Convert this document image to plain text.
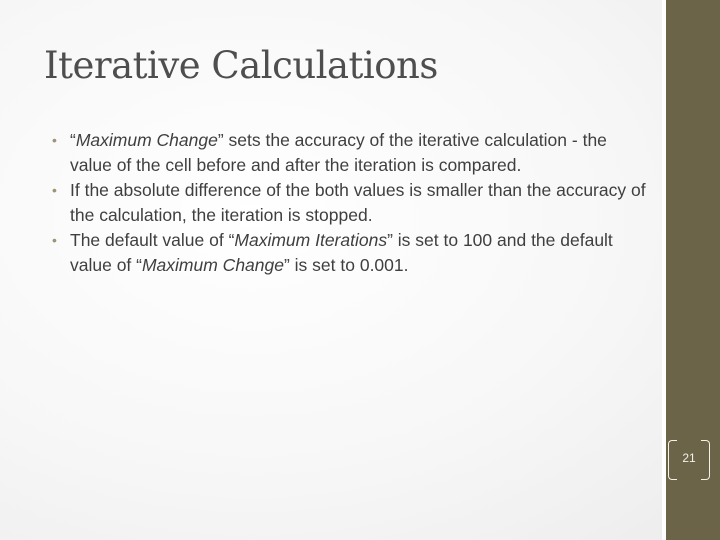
Iterative Calculations

• “Maximum Change” sets the accuracy of the iterative calculation - the value of the cell before and after the iteration is compared.

• If the absolute difference of the both values is smaller than the accuracy of the calculation, the iteration is stopped.

• The default value of “Maximum Iterations” is set to 100 and the default value of “Maximum Change” is set to 0.001.

21
